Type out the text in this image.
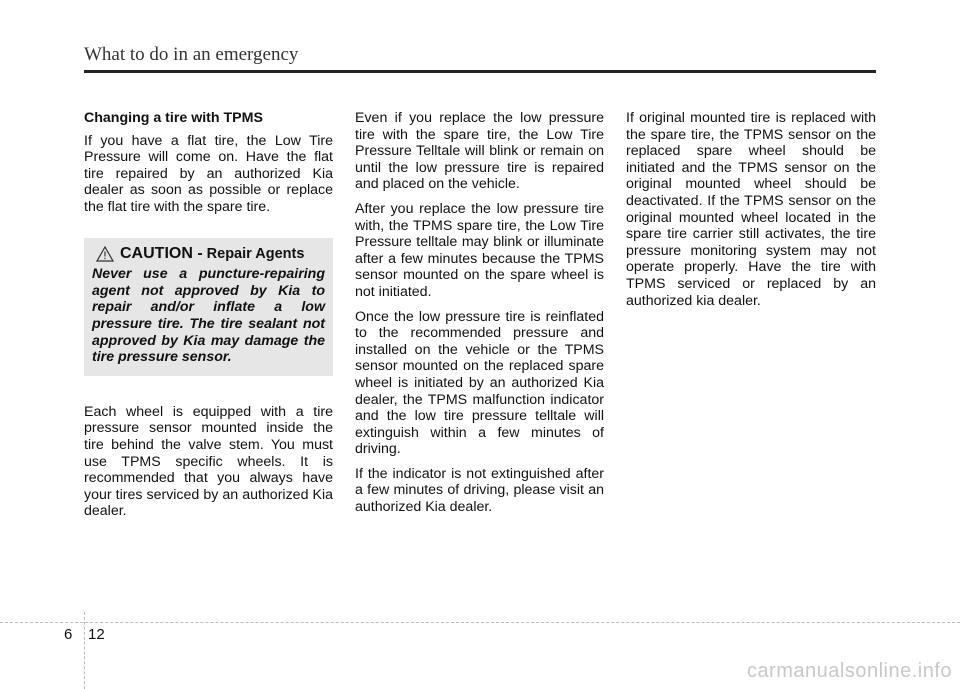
What to do in an emergency

Changing a tire with TPMS

If you have a flat tire, the Low Tire Pressure will come on. Have the flat tire repaired by an authorized Kia dealer as soon as possible or replace the flat tire with the spare tire.

CAUTION - Repair Agents
Never use a puncture-repairing agent not approved by Kia to repair and/or inflate a low pressure tire. The tire sealant not approved by Kia may damage the tire pressure sensor.

Each wheel is equipped with a tire pressure sensor mounted inside the tire behind the valve stem. You must use TPMS specific wheels. It is recommended that you always have your tires serviced by an authorized Kia dealer.

Even if you replace the low pressure tire with the spare tire, the Low Tire Pressure Telltale will blink or remain on until the low pressure tire is repaired and placed on the vehicle.

After you replace the low pressure tire with, the TPMS spare tire, the Low Tire Pressure telltale may blink or illuminate after a few minutes because the TPMS sensor mounted on the spare wheel is not initiated.

Once the low pressure tire is reinflated to the recommended pressure and installed on the vehicle or the TPMS sensor mounted on the replaced spare wheel is initiated by an authorized Kia dealer, the TPMS malfunction indicator and the low tire pressure telltale will extinguish within a few minutes of driving.

If the indicator is not extinguished after a few minutes of driving, please visit an authorized Kia dealer.

If original mounted tire is replaced with the spare tire, the TPMS sensor on the replaced spare wheel should be initiated and the TPMS sensor on the original mounted wheel should be deactivated. If the TPMS sensor on the original mounted wheel located in the spare tire carrier still activates, the tire pressure monitoring system may not operate properly. Have the tire with TPMS serviced or replaced by an authorized kia dealer.

6 12
carmanualsonline.info
